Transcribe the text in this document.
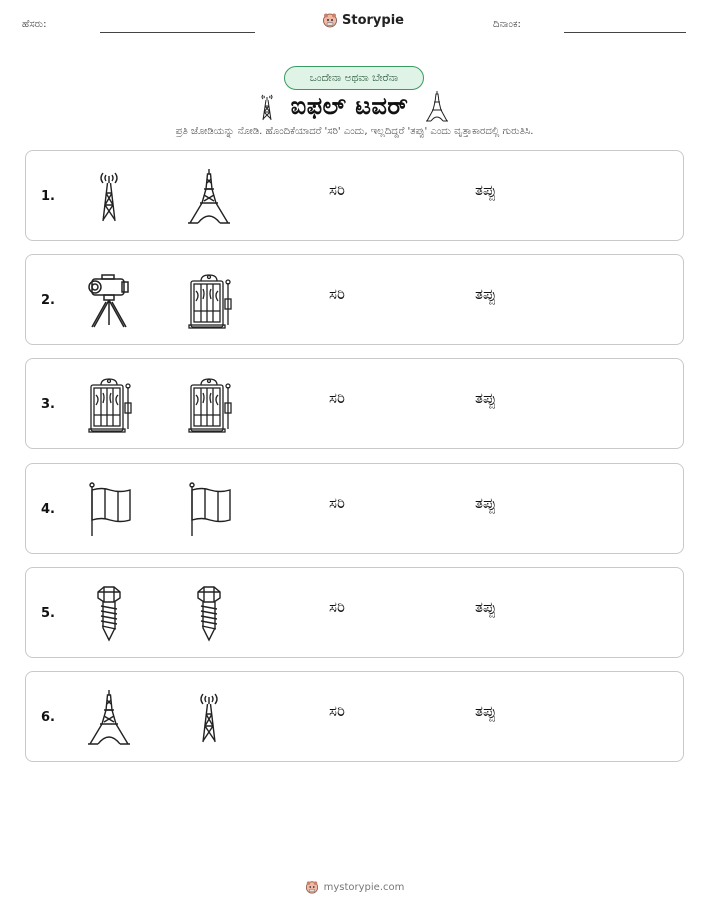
ಹೆಸರು:	Storypie	ದಿನಾಂಕ:
ಒಂದೇನಾ ಅಥವಾ ಬೇರೆನಾ
ಐಫಲ್ ಟವರ್
ಪ್ರತಿ ಜೋಡಿಯನ್ನು ನೋಡಿ. ಹೊಂದಿಕೆಯಾದರೆ 'ಸರಿ' ಎಂದು, ಇಲ್ಲದಿದ್ದರೆ 'ತಪ್ಪು' ಎಂದು ವೃತ್ತಾಕಾರದಲ್ಲಿ ಗುರುತಿಸಿ.
1.	ಸರಿ	ತಪ್ಪು
2.	ಸರಿ	ತಪ್ಪು
3.	ಸರಿ	ತಪ್ಪು
4.	ಸರಿ	ತಪ್ಪು
5.	ಸರಿ	ತಪ್ಪು
6.	ಸರಿ	ತಪ್ಪು
mystorypie.com
